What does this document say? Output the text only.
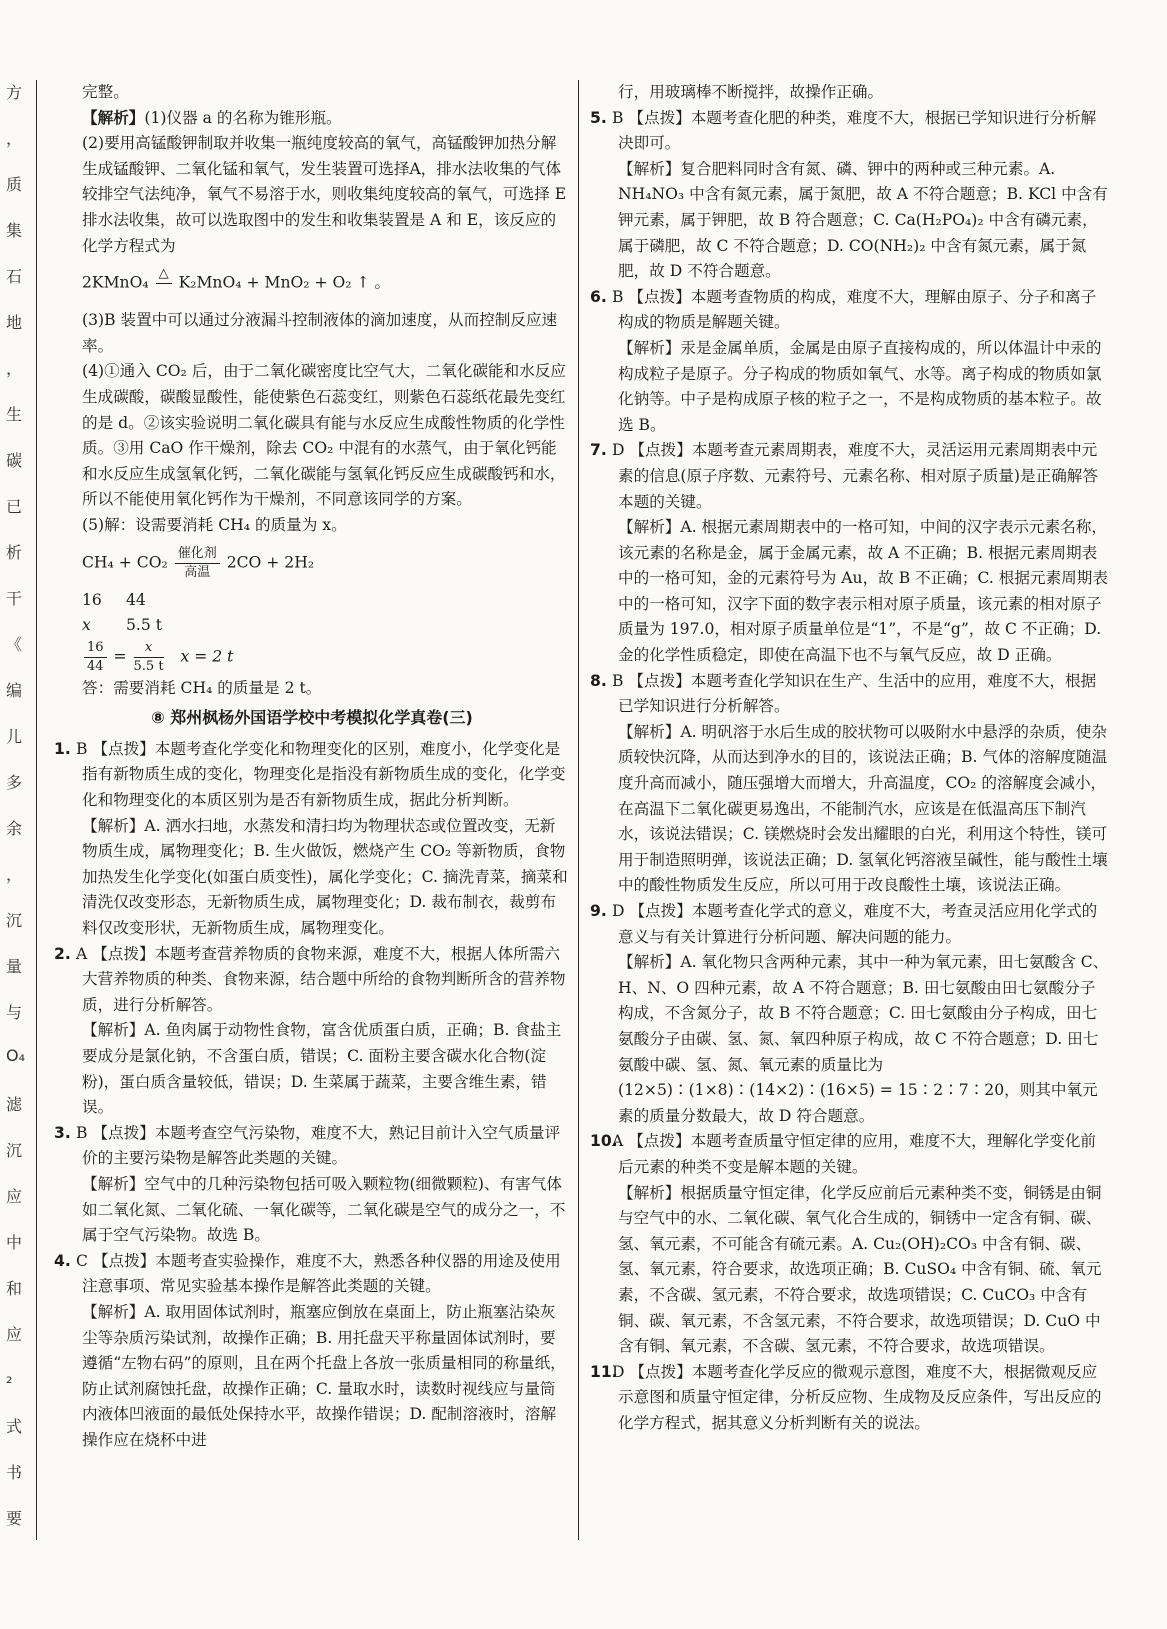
方
，
质
集
石
地
，
生
碳
已
析
干
《
编
儿
多
余
，
沉
量
与
O₄
滤
沉
应
中
和
应
₂
式
书
要

完整。

【解析】(1)仪器 a 的名称为锥形瓶。

(2)要用高锰酸钾制取并收集一瓶纯度较高的氧气，高锰酸钾加热分解生成锰酸钾、二氧化锰和氧气，发生装置可选择A，排水法收集的气体较排空气法纯净，氧气不易溶于水，则收集纯度较高的氧气，可选择 E 排水法收集，故可以选取图中的发生和收集装置是 A 和 E，该反应的化学方程式为

2KMnO₄ △
K₂MnO₄ + MnO₂ + O₂ ↑ 。

(3)B 装置中可以通过分液漏斗控制液体的滴加速度，从而控制反应速率。

(4)①通入 CO₂ 后，由于二氧化碳密度比空气大，二氧化碳能和水反应生成碳酸，碳酸显酸性，能使紫色石蕊变红，则紫色石蕊纸花最先变红的是 d。②该实验说明二氧化碳具有能与水反应生成酸性物质的化学性质。③用 CaO 作干燥剂，除去 CO₂ 中混有的水蒸气，由于氧化钙能和水反应生成氢氧化钙，二氧化碳能与氢氧化钙反应生成碳酸钙和水，所以不能使用氧化钙作为干燥剂，不同意该同学的方案。

(5)解：设需要消耗 CH₄ 的质量为 x。

$CH_4 + CO_2 \frac{\text{催化剂}}{\text{高温}} 2CO + 2H_2$

16 44

x 5.5 t

$\frac{16}{44} = \frac{x}{5.5 t}$ x = 2 t

答：需要消耗 CH₄ 的质量是 2 t。

⑧ 郑州枫杨外国语学校中考模拟化学真卷(三)

1. B 【点拨】本题考查化学变化和物理变化的区别，难度小，化学变化是指有新物质生成的变化，物理变化是指没有新物质生成的变化，化学变化和物理变化的本质区别为是否有新物质生成，据此分析判断。

【解析】A. 洒水扫地，水蒸发和清扫均为物理状态或位置改变，无新物质生成，属物理变化；B. 生火做饭，燃烧产生 CO₂ 等新物质，食物加热发生化学变化(如蛋白质变性)，属化学变化；C. 摘洗青菜，摘菜和清洗仅改变形态，无新物质生成，属物理变化；D. 裁布制衣，裁剪布料仅改变形状，无新物质生成，属物理变化。

2. A 【点拨】本题考查营养物质的食物来源，难度不大，根据人体所需六大营养物质的种类、食物来源，结合题中所给的食物判断所含的营养物质，进行分析解答。

【解析】A. 鱼肉属于动物性食物，富含优质蛋白质，正确；B. 食盐主要成分是氯化钠，不含蛋白质，错误；C. 面粉主要含碳水化合物(淀粉)，蛋白质含量较低，错误；D. 生菜属于蔬菜，主要含维生素，错误。

3. B 【点拨】本题考查空气污染物，难度不大，熟记目前计入空气质量评价的主要污染物是解答此类题的关键。

【解析】空气中的几种污染物包括可吸入颗粒物(细微颗粒)、有害气体如二氧化氮、二氧化硫、一氧化碳等，二氧化碳是空气的成分之一，不属于空气污染物。故选 B。

4. C 【点拨】本题考查实验操作，难度不大，熟悉各种仪器的用途及使用注意事项、常见实验基本操作是解答此类题的关键。

【解析】A. 取用固体试剂时，瓶塞应倒放在桌面上，防止瓶塞沾染灰尘等杂质污染试剂，故操作正确；B. 用托盘天平称量固体试剂时，要遵循“左物右码”的原则，且在两个托盘上各放一张质量相同的称量纸，防止试剂腐蚀托盘，故操作正确；C. 量取水时，读数时视线应与量筒内液体凹液面的最低处保持水平，故操作错误；D. 配制溶液时，溶解操作应在烧杯中进

行，用玻璃棒不断搅拌，故操作正确。

5. B 【点拨】本题考查化肥的种类，难度不大，根据已学知识进行分析解决即可。

【解析】复合肥料同时含有氮、磷、钾中的两种或三种元素。A. NH₄NO₃ 中含有氮元素，属于氮肥，故 A 不符合题意；B. KCl 中含有钾元素，属于钾肥，故 B 符合题意；C. Ca(H₂PO₄)₂ 中含有磷元素，属于磷肥，故 C 不符合题意；D. CO(NH₂)₂ 中含有氮元素，属于氮肥，故 D 不符合题意。

6. B 【点拨】本题考查物质的构成，难度不大，理解由原子、分子和离子构成的物质是解题关键。

【解析】汞是金属单质，金属是由原子直接构成的，所以体温计中汞的构成粒子是原子。分子构成的物质如氧气、水等。离子构成的物质如氯化钠等。中子是构成原子核的粒子之一，不是构成物质的基本粒子。故选 B。

7. D 【点拨】本题考查元素周期表，难度不大，灵活运用元素周期表中元素的信息(原子序数、元素符号、元素名称、相对原子质量)是正确解答本题的关键。

【解析】A. 根据元素周期表中的一格可知，中间的汉字表示元素名称，该元素的名称是金，属于金属元素，故 A 不正确；B. 根据元素周期表中的一格可知，金的元素符号为 Au，故 B 不正确；C. 根据元素周期表中的一格可知，汉字下面的数字表示相对原子质量，该元素的相对原子质量为 197.0，相对原子质量单位是“1”，不是“g”，故 C 不正确；D. 金的化学性质稳定，即使在高温下也不与氧气反应，故 D 正确。

8. B 【点拨】本题考查化学知识在生产、生活中的应用，难度不大，根据已学知识进行分析解答。

【解析】A. 明矾溶于水后生成的胶状物可以吸附水中悬浮的杂质，使杂质较快沉降，从而达到净水的目的，该说法正确；B. 气体的溶解度随温度升高而减小，随压强增大而增大，升高温度，CO₂ 的溶解度会减小，在高温下二氧化碳更易逸出，不能制汽水，应该是在低温高压下制汽水，该说法错误；C. 镁燃烧时会发出耀眼的白光，利用这个特性，镁可用于制造照明弹，该说法正确；D. 氢氧化钙溶液呈碱性，能与酸性土壤中的酸性物质发生反应，所以可用于改良酸性土壤，该说法正确。

9. D 【点拨】本题考查化学式的意义，难度不大，考查灵活应用化学式的意义与有关计算进行分析问题、解决问题的能力。

【解析】A. 氧化物只含两种元素，其中一种为氧元素，田七氨酸含 C、H、N、O 四种元素，故 A 不符合题意；B. 田七氨酸由田七氨酸分子构成，不含氮分子，故 B 不符合题意；C. 田七氨酸由分子构成，田七氨酸分子由碳、氢、氮、氧四种原子构成，故 C 不符合题意；D. 田七氨酸中碳、氢、氮、氧元素的质量比为(12×5)∶(1×8)∶(14×2)∶(16×5) = 15∶2∶7∶20，则其中氧元素的质量分数最大，故 D 符合题意。

10.A 【点拨】本题考查质量守恒定律的应用，难度不大，理解化学变化前后元素的种类不变是解本题的关键。

【解析】根据质量守恒定律，化学反应前后元素种类不变，铜锈是由铜与空气中的水、二氧化碳、氧气化合生成的，铜锈中一定含有铜、碳、氢、氧元素，不可能含有硫元素。A. Cu₂(OH)₂CO₃ 中含有铜、碳、氢、氧元素，符合要求，故选项正确；B. CuSO₄ 中含有铜、硫、氧元素，不含碳、氢元素，不符合要求，故选项错误；C. CuCO₃ 中含有铜、碳、氧元素，不含氢元素，不符合要求，故选项错误；D. CuO 中含有铜、氧元素，不含碳、氢元素，不符合要求，故选项错误。

11.D 【点拨】本题考查化学反应的微观示意图，难度不大，根据微观反应示意图和质量守恒定律，分析反应物、生成物及反应条件，写出反应的化学方程式，据其意义分析判断有关的说法。
